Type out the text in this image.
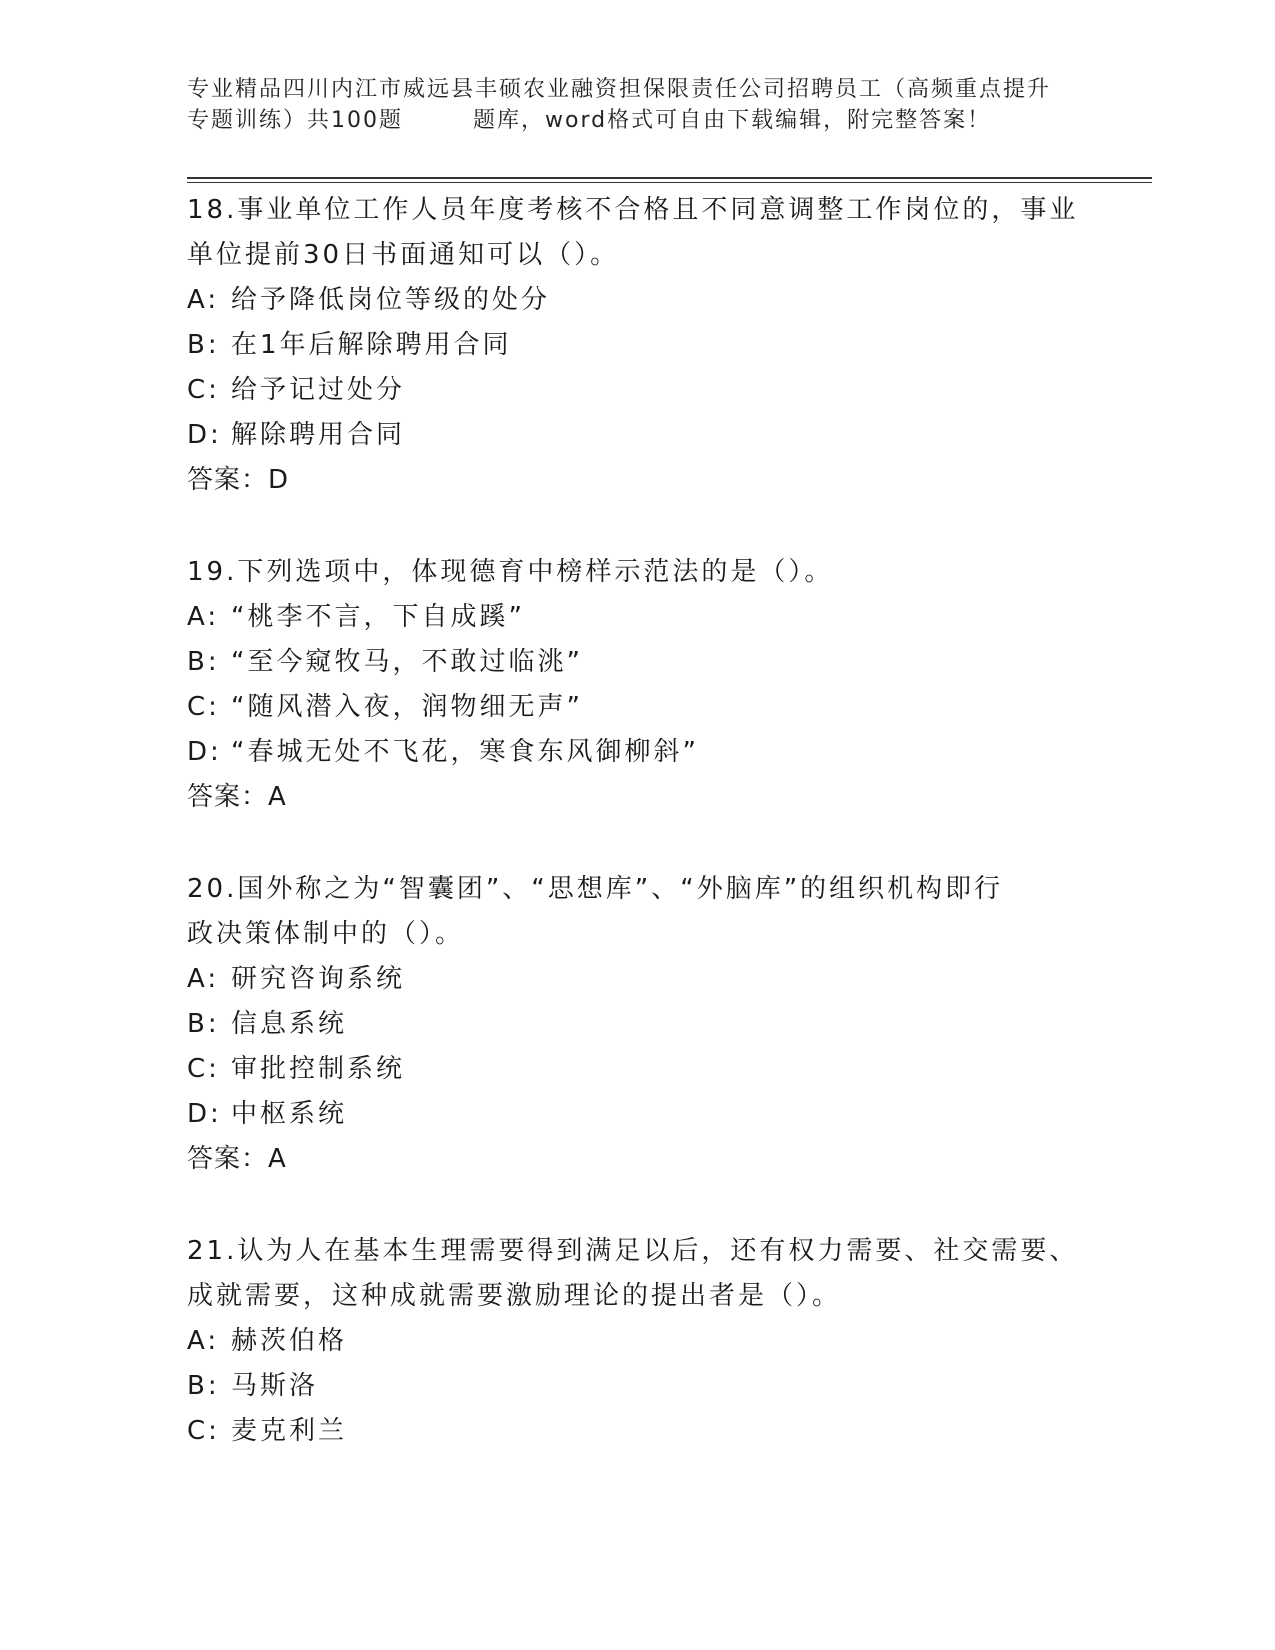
专业精品四川内江市威远县丰硕农业融资担保限责任公司招聘员工（高频重点提升
专题训练）共100题	题库，word格式可自由下载编辑，附完整答案！

18.事业单位工作人员年度考核不合格且不同意调整工作岗位的，事业

单位提前30日书面通知可以（）。

A: 给予降低岗位等级的处分

B: 在1年后解除聘用合同

C: 给予记过处分

D: 解除聘用合同

答案：D

19.下列选项中，体现德育中榜样示范法的是（）。

A: “桃李不言，下自成蹊”

B: “至今窥牧马，不敢过临洮”

C: “随风潜入夜，润物细无声”

D: “春城无处不飞花，寒食东风御柳斜”

答案：A

20.国外称之为“智囊团”、“思想库”、“外脑库”的组织机构即行

政决策体制中的（）。

A: 研究咨询系统

B: 信息系统

C: 审批控制系统

D: 中枢系统

答案：A

21.认为人在基本生理需要得到满足以后，还有权力需要、社交需要、

成就需要，这种成就需要激励理论的提出者是（）。

A: 赫茨伯格

B: 马斯洛

C: 麦克利兰
